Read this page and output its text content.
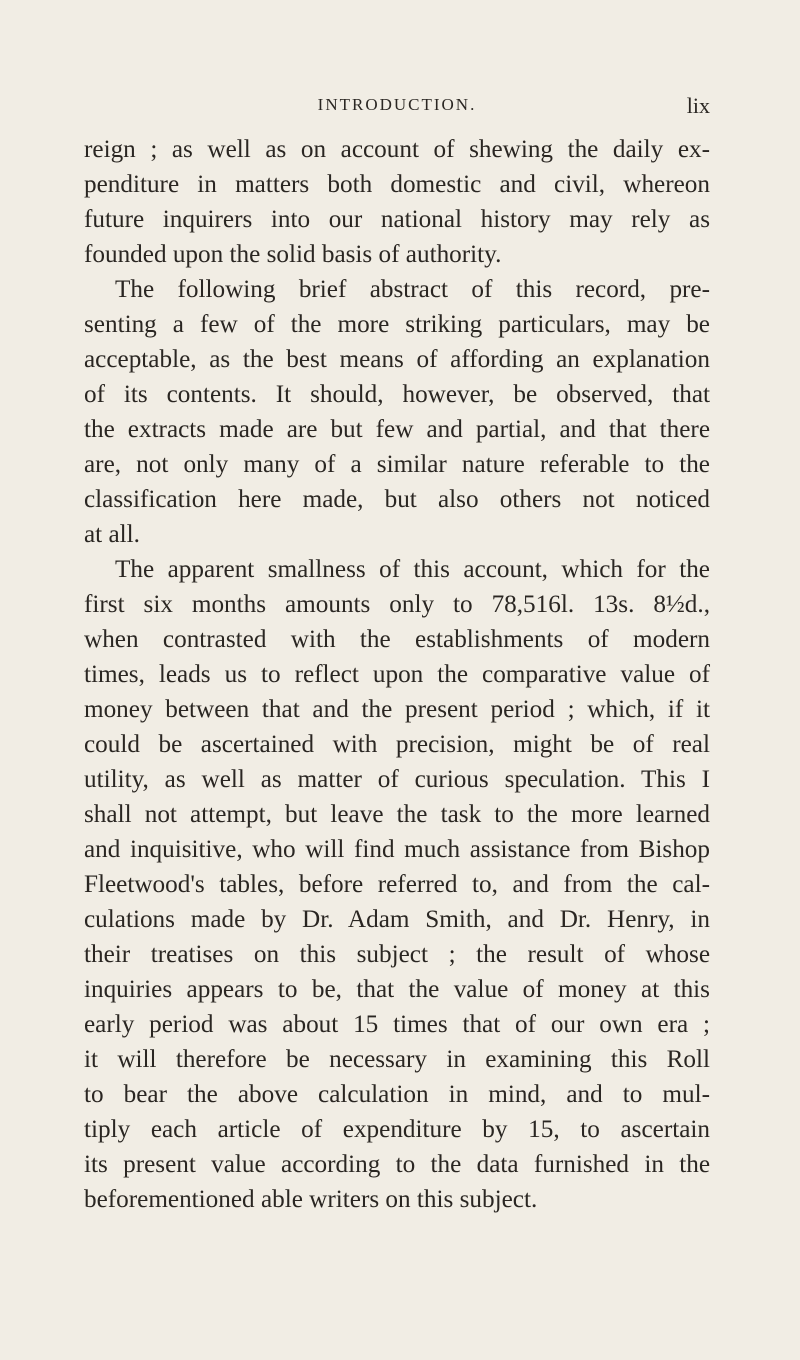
INTRODUCTION.	lix

reign ; as well as on account of shewing the daily ex-
penditure in matters both domestic and civil, whereon
future inquirers into our national history may rely as
founded upon the solid basis of authority.

The following brief abstract of this record, pre-
senting a few of the more striking particulars, may be
acceptable, as the best means of affording an explanation
of its contents. It should, however, be observed, that
the extracts made are but few and partial, and that there
are, not only many of a similar nature referable to the
classification here made, but also others not noticed
at all.

The apparent smallness of this account, which for the
first six months amounts only to 78,516l. 13s. 8½d.,
when contrasted with the establishments of modern
times, leads us to reflect upon the comparative value of
money between that and the present period ; which, if it
could be ascertained with precision, might be of real
utility, as well as matter of curious speculation. This I
shall not attempt, but leave the task to the more learned
and inquisitive, who will find much assistance from Bishop
Fleetwood's tables, before referred to, and from the cal-
culations made by Dr. Adam Smith, and Dr. Henry, in
their treatises on this subject ; the result of whose
inquiries appears to be, that the value of money at this
early period was about 15 times that of our own era ;
it will therefore be necessary in examining this Roll
to bear the above calculation in mind, and to mul-
tiply each article of expenditure by 15, to ascertain
its present value according to the data furnished in the
beforementioned able writers on this subject.
